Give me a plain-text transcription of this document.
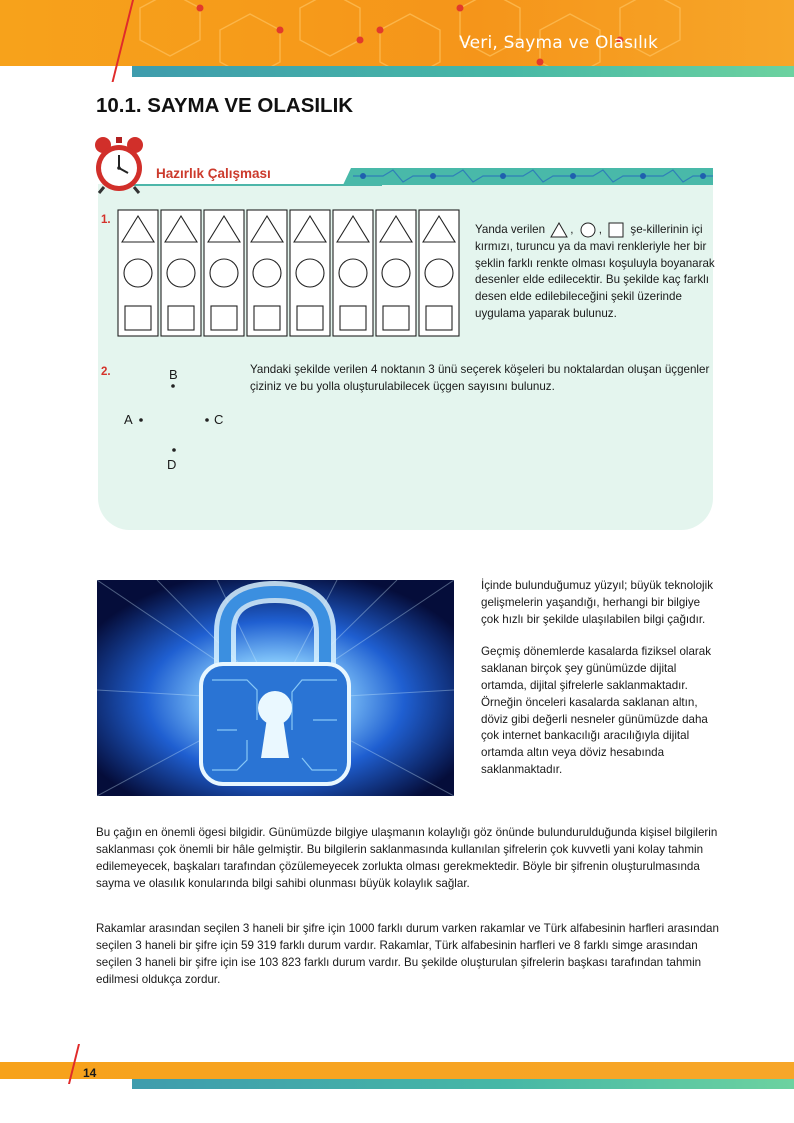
Veri, Sayma ve Olasılık
10.1. SAYMA VE OLASILIK
Hazırlık Çalışması
1.
Yanda verilen , ,  şe-killerinin içi kırmızı, turuncu ya da mavi renkleriyle her bir şeklin farklı renkte olması koşuluyla boyanarak desenler elde edilecektir. Bu şekilde kaç farklı desen elde edilebileceğini şekil üzerinde uygulama yaparak bulunuz.
2.	B
A	C
D
Yandaki şekilde verilen 4 noktanın 3 ünü seçerek köşeleri bu noktalardan oluşan üçgenler çiziniz ve bu yolla oluşturulabilecek üçgen sayısını bulunuz.

İçinde bulunduğumuz yüzyıl; büyük teknolojik gelişmelerin yaşandığı, herhangi bir bilgiye çok hızlı bir şekilde ulaşılabilen bilgi çağıdır.

Geçmiş dönemlerde kasalarda fiziksel olarak saklanan birçok şey günümüzde dijital ortamda, dijital şifrelerle saklanmaktadır. Örneğin önceleri kasalarda saklanan altın, döviz gibi değerli nesneler günümüzde daha çok internet bankacılığı aracılığıyla dijital ortamda altın veya döviz hesabında saklanmaktadır.

Bu çağın en önemli ögesi bilgidir. Günümüzde bilgiye ulaşmanın kolaylığı göz önünde bulundurulduğunda kişisel bilgilerin saklanması çok önemli bir hâle gelmiştir. Bu bilgilerin saklanmasında kullanılan şifrelerin çok kuvvetli yani kolay tahmin edilemeyecek, başkaları tarafından çözülemeyecek zorlukta olması gerekmektedir. Böyle bir şifrenin oluşturulmasında sayma ve olasılık konularında bilgi sahibi olunması büyük kolaylık sağlar.

Rakamlar arasından seçilen 3 haneli bir şifre için 1000 farklı durum varken rakamlar ve Türk alfabesinin harfleri arasından seçilen 3 haneli bir şifre için 59 319 farklı durum vardır. Rakamlar, Türk alfabesinin harfleri ve 8 farklı simge arasından seçilen 3 haneli bir şifre için ise 103 823 farklı durum vardır. Bu şekilde oluşturulan şifrelerin başkası tarafından tahmin edilmesi oldukça zordur.

14
